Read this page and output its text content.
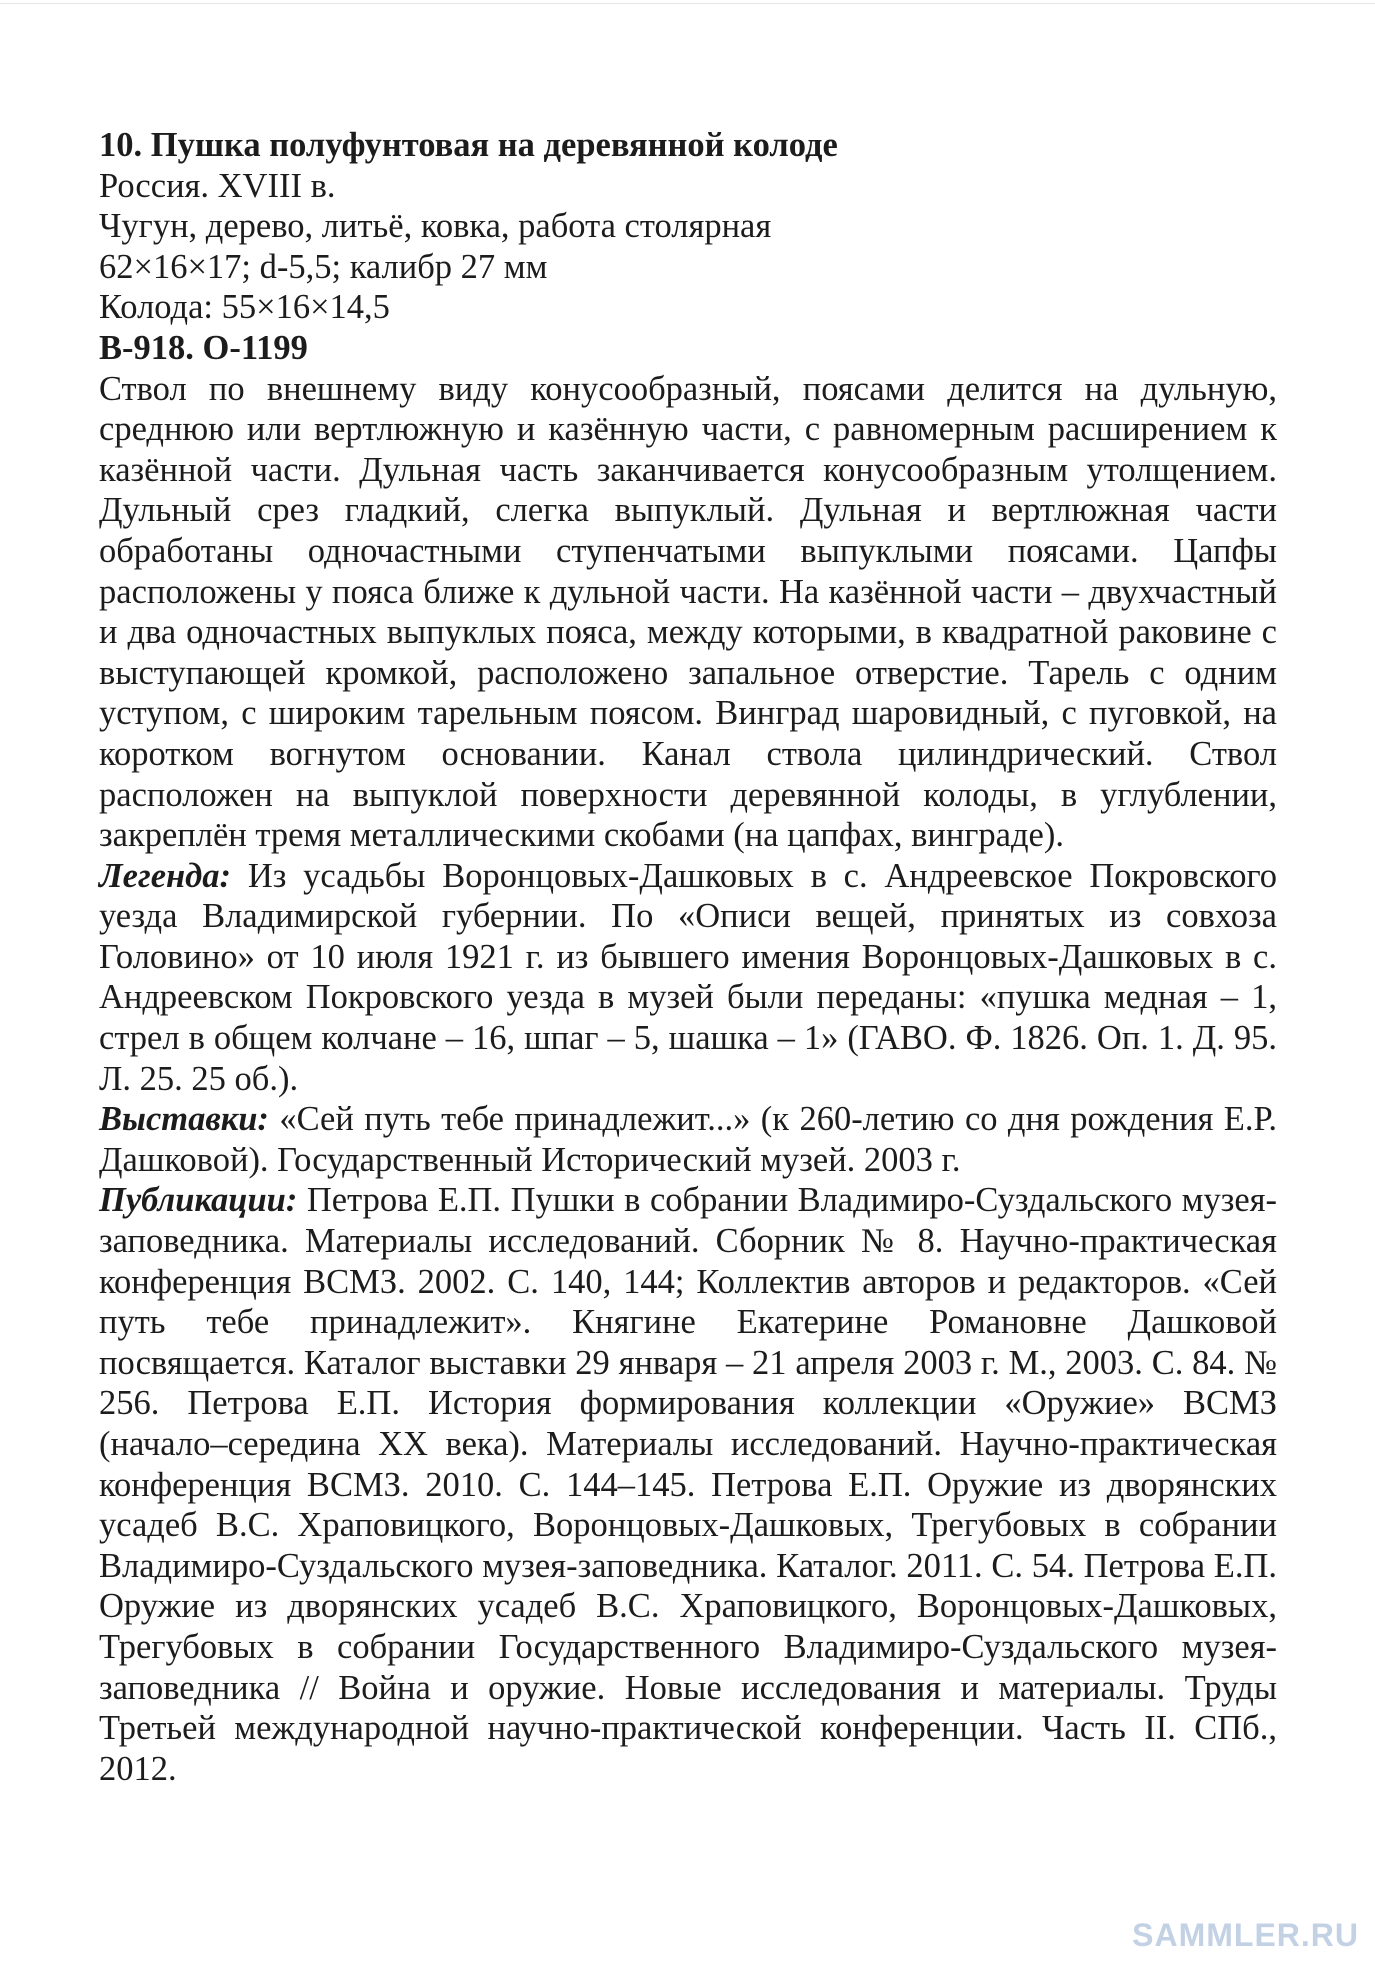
10. Пушка полуфунтовая на деревянной колоде

Россия. XVIII в.

Чугун, дерево, литьё, ковка, работа столярная

62×16×17; d-5,5; калибр 27 мм

Колода: 55×16×14,5

В-918. О-1199

Ствол по внешнему виду конусообразный, поясами делится на дульную, среднюю или вертлюжную и казённую части, с равномерным расширением к казённой части. Дульная часть заканчивается конусообразным утолщением. Дульный срез гладкий, слегка выпуклый. Дульная и вертлюжная части обработаны одночастными ступенчатыми выпуклыми поясами. Цапфы расположены у пояса ближе к дульной части. На казённой части – двухчастный и два одночастных выпуклых пояса, между которыми, в квадратной раковине с выступающей кромкой, расположено запальное отверстие. Тарель с одним уступом, с широким тарельным поясом. Винград шаровидный, с пуговкой, на коротком вогнутом основании. Канал ствола цилиндрический. Ствол расположен на выпуклой поверхности деревянной колоды, в углублении, закреплён тремя металлическими скобами (на цапфах, винграде).

Легенда: Из усадьбы Воронцовых-Дашковых в с. Андреевское Покровского уезда Владимирской губернии. По «Описи вещей, принятых из совхоза Головино» от 10 июля 1921 г. из бывшего имения Воронцовых-Дашковых в с. Андреевском Покровского уезда в музей были переданы: «пушка медная – 1, стрел в общем колчане – 16, шпаг – 5, шашка – 1» (ГАВО. Ф. 1826. Оп. 1. Д. 95. Л. 25. 25 об.).

Выставки: «Сей путь тебе принадлежит...» (к 260-летию со дня рождения Е.Р. Дашковой). Государственный Исторический музей. 2003 г.

Публикации: Петрова Е.П. Пушки в собрании Владимиро-Суздальского музея-заповедника. Материалы исследований. Сборник № 8. Научно-практическая конференция ВСМЗ. 2002. С. 140, 144; Коллектив авторов и редакторов. «Сей путь тебе принадлежит». Княгине Екатерине Романовне Дашковой посвящается. Каталог выставки 29 января – 21 апреля 2003 г. М., 2003. С. 84. № 256. Петрова Е.П. История формирования коллекции «Оружие» ВСМЗ (начало–середина XX века). Материалы исследований. Научно-практическая конференция ВСМЗ. 2010. С. 144–145. Петрова Е.П. Оружие из дворянских усадеб В.С. Храповицкого, Воронцовых-Дашковых, Трегубовых в собрании Владимиро-Суздальского музея-заповедника. Каталог. 2011. С. 54. Петрова Е.П. Оружие из дворянских усадеб В.С. Храповицкого, Воронцовых-Дашковых, Трегубовых в собрании Государственного Владимиро-Суздальского музея-заповедника // Война и оружие. Новые исследования и материалы. Труды Третьей международной научно-практической конференции. Часть II. СПб., 2012.

SAMMLER.RU
